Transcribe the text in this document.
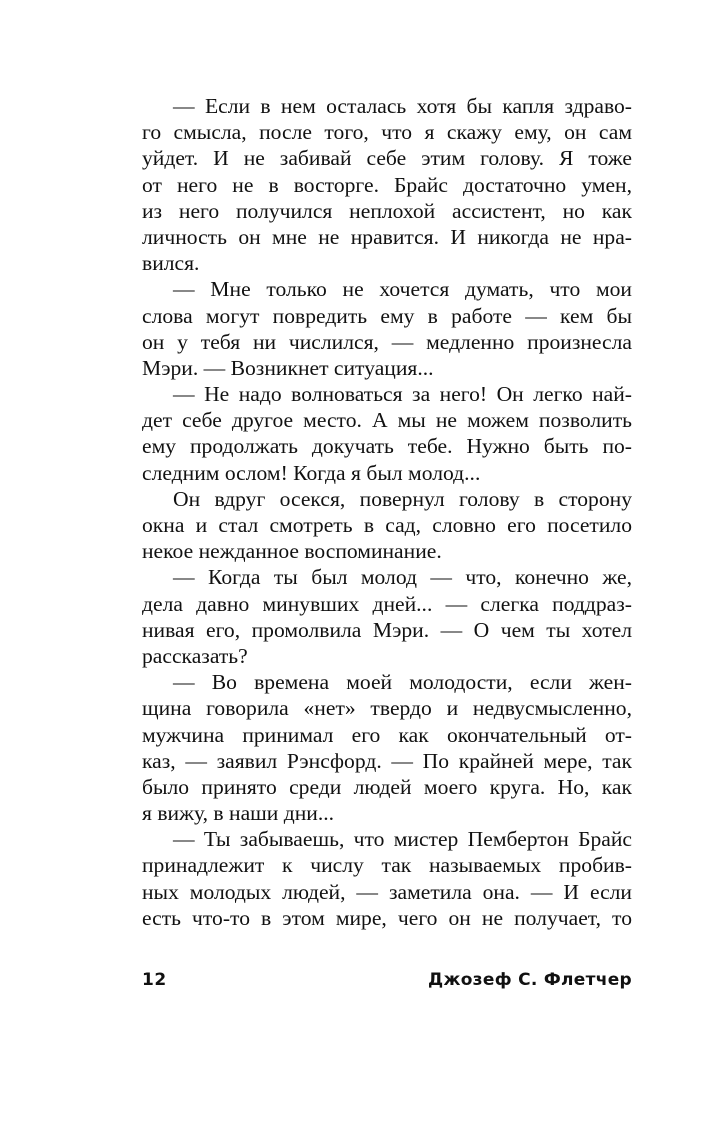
— Если в нем осталась хотя бы капля здраво-
го смысла, после того, что я скажу ему, он сам
уйдет. И не забивай себе этим голову. Я тоже
от него не в восторге. Брайс достаточно умен,
из него получился неплохой ассистент, но как
личность он мне не нравится. И никогда не нра-
вился.
— Мне только не хочется думать, что мои
слова могут повредить ему в работе — кем бы
он у тебя ни числился, — медленно произнесла
Мэри. — Возникнет ситуация...
— Не надо волноваться за него! Он легко най-
дет себе другое место. А мы не можем позволить
ему продолжать докучать тебе. Нужно быть по-
следним ослом! Когда я был молод...
Он вдруг осекся, повернул голову в сторону
окна и стал смотреть в сад, словно его посетило
некое нежданное воспоминание.
— Когда ты был молод — что, конечно же,
дела давно минувших дней... — слегка поддраз-
нивая его, промолвила Мэри. — О чем ты хотел
рассказать?
— Во времена моей молодости, если жен-
щина говорила «нет» твердо и недвусмысленно,
мужчина принимал его как окончательный от-
каз, — заявил Рэнсфорд. — По крайней мере, так
было принято среди людей моего круга. Но, как
я вижу, в наши дни...
— Ты забываешь, что мистер Пембертон Брайс
принадлежит к числу так называемых пробив-
ных молодых людей, — заметила она. — И если
есть что-то в этом мире, чего он не получает, то
12	Джозеф С. Флетчер
